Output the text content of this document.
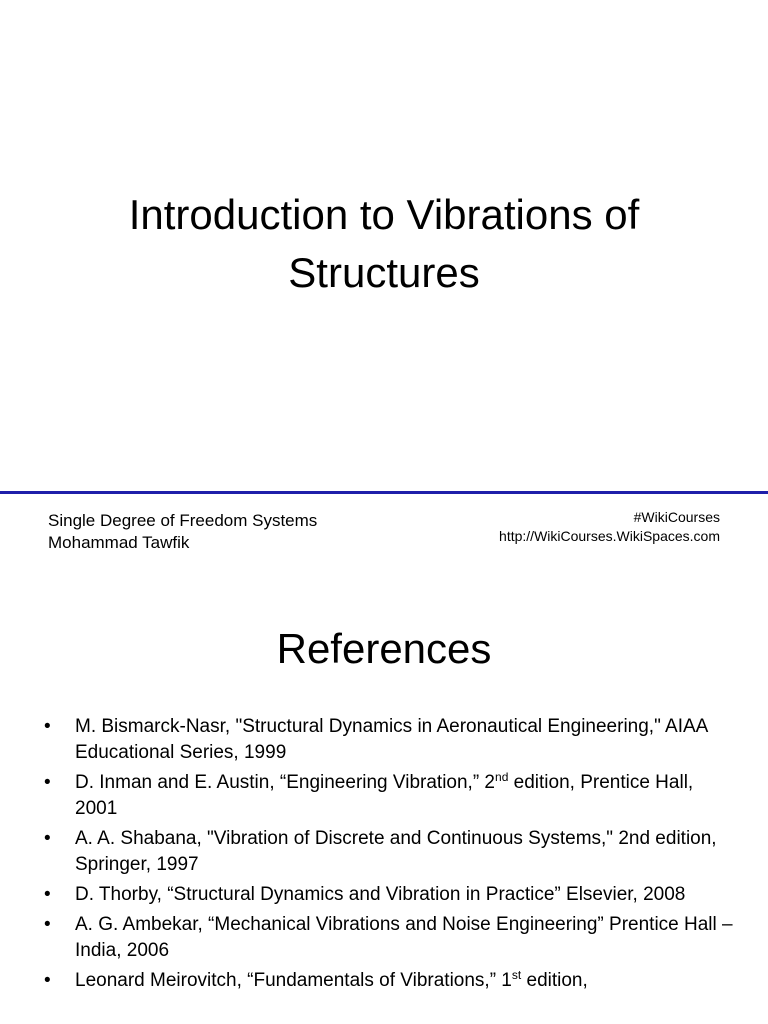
Introduction to Vibrations of
Structures
Single Degree of Freedom Systems
Mohammad Tawfik
#WikiCourses
http://WikiCourses.WikiSpaces.com
References
• M. Bismarck-Nasr, "Structural Dynamics in Aeronautical Engineering," AIAA Educational Series, 1999
• D. Inman and E. Austin, “Engineering Vibration,” 2nd edition, Prentice Hall, 2001
• A. A. Shabana, "Vibration of Discrete and Continuous Systems," 2nd edition, Springer, 1997
• D. Thorby, “Structural Dynamics and Vibration in Practice” Elsevier, 2008
• A. G. Ambekar, “Mechanical Vibrations and Noise Engineering” Prentice Hall – India, 2006
• Leonard Meirovitch, “Fundamentals of Vibrations,” 1st edition,
